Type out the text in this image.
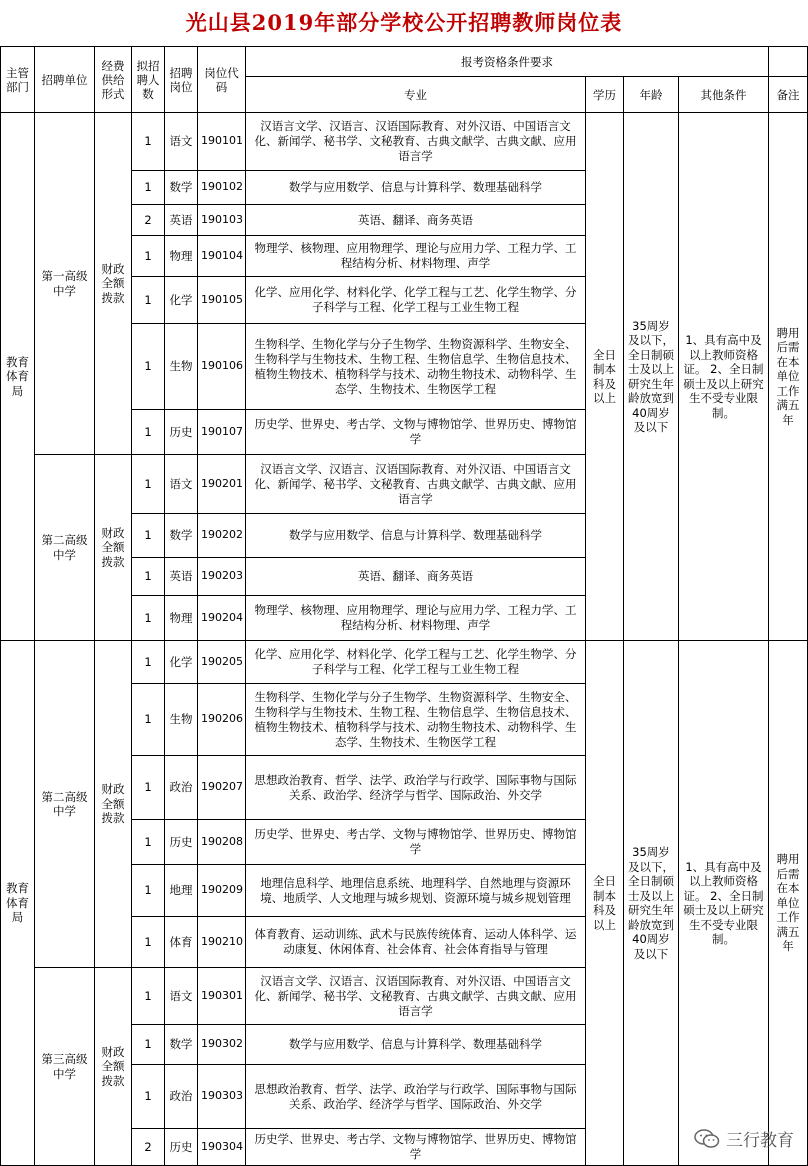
光山县2019年部分学校公开招聘教师岗位表
主管部门	招聘单位	经费供给形式	拟招聘人数	招聘岗位	岗位代码	报考资格条件要求				
						专业	学历	年龄	其他条件	备注
教育体育局	第一高级中学	财政全额拨款	1	语文	190101	汉语言文学、汉语言、汉语国际教育、对外汉语、中国语言文化、新闻学、秘书学、文秘教育、古典文献学、古典文献、应用语言学	全日制本科及以上	35周岁及以下，全日制硕士及以上研究生年龄放宽到40周岁及以下	1、具有高中及以上教师资格证。 2、全日制硕士及以上研究生不受专业限制。	聘用后需在本单位工作满五年
			1	数学	190102	数学与应用数学、信息与计算科学、数理基础科学				
			2	英语	190103	英语、翻译、商务英语				
			1	物理	190104	物理学、核物理、应用物理学、理论与应用力学、工程力学、工程结构分析、材料物理、声学				
			1	化学	190105	化学、应用化学、材料化学、化学工程与工艺、化学生物学、分子科学与工程、化学工程与工业生物工程				
			1	生物	190106	生物科学、生物化学与分子生物学、生物资源科学、生物安全、生物科学与生物技术、生物工程、生物信息学、生物信息技术、植物生物技术、植物科学与技术、动物生物技术、动物科学、生态学、生物技术、生物医学工程				
			1	历史	190107	历史学、世界史、考古学、文物与博物馆学、世界历史、博物馆学				
	第二高级中学	财政全额拨款	1	语文	190201	汉语言文学、汉语言、汉语国际教育、对外汉语、中国语言文化、新闻学、秘书学、文秘教育、古典文献学、古典文献、应用语言学				
			1	数学	190202	数学与应用数学、信息与计算科学、数理基础科学				
			1	英语	190203	英语、翻译、商务英语				
			1	物理	190204	物理学、核物理、应用物理学、理论与应用力学、工程力学、工程结构分析、材料物理、声学				
教育体育局	第二高级中学	财政全额拨款	1	化学	190205	化学、应用化学、材料化学、化学工程与工艺、化学生物学、分子科学与工程、化学工程与工业生物工程	全日制本科及以上	35周岁及以下，全日制硕士及以上研究生年龄放宽到40周岁及以下	1、具有高中及以上教师资格证。 2、全日制硕士及以上研究生不受专业限制。	聘用后需在本单位工作满五年
			1	生物	190206	生物科学、生物化学与分子生物学、生物资源科学、生物安全、生物科学与生物技术、生物工程、生物信息学、生物信息技术、植物生物技术、植物科学与技术、动物生物技术、动物科学、生态学、生物技术、生物医学工程				
			1	政治	190207	思想政治教育、哲学、法学、政治学与行政学、国际事物与国际关系、政治学、经济学与哲学、国际政治、外交学				
			1	历史	190208	历史学、世界史、考古学、文物与博物馆学、世界历史、博物馆学				
			1	地理	190209	地理信息科学、地理信息系统、地理科学、自然地理与资源环境、地质学、人文地理与城乡规划、资源环境与城乡规划管理				
			1	体育	190210	体育教育、运动训练、武术与民族传统体育、运动人体科学、运动康复、休闲体育、社会体育、社会体育指导与管理				
	第三高级中学	财政全额拨款	1	语文	190301	汉语言文学、汉语言、汉语国际教育、对外汉语、中国语言文化、新闻学、秘书学、文秘教育、古典文献学、古典文献、应用语言学				
			1	数学	190302	数学与应用数学、信息与计算科学、数理基础科学				
			1	政治	190303	思想政治教育、哲学、法学、政治学与行政学、国际事物与国际关系、政治学、经济学与哲学、国际政治、外交学				
			2	历史	190304	历史学、世界史、考古学、文物与博物馆学、世界历史、博物馆学				
三行教育
